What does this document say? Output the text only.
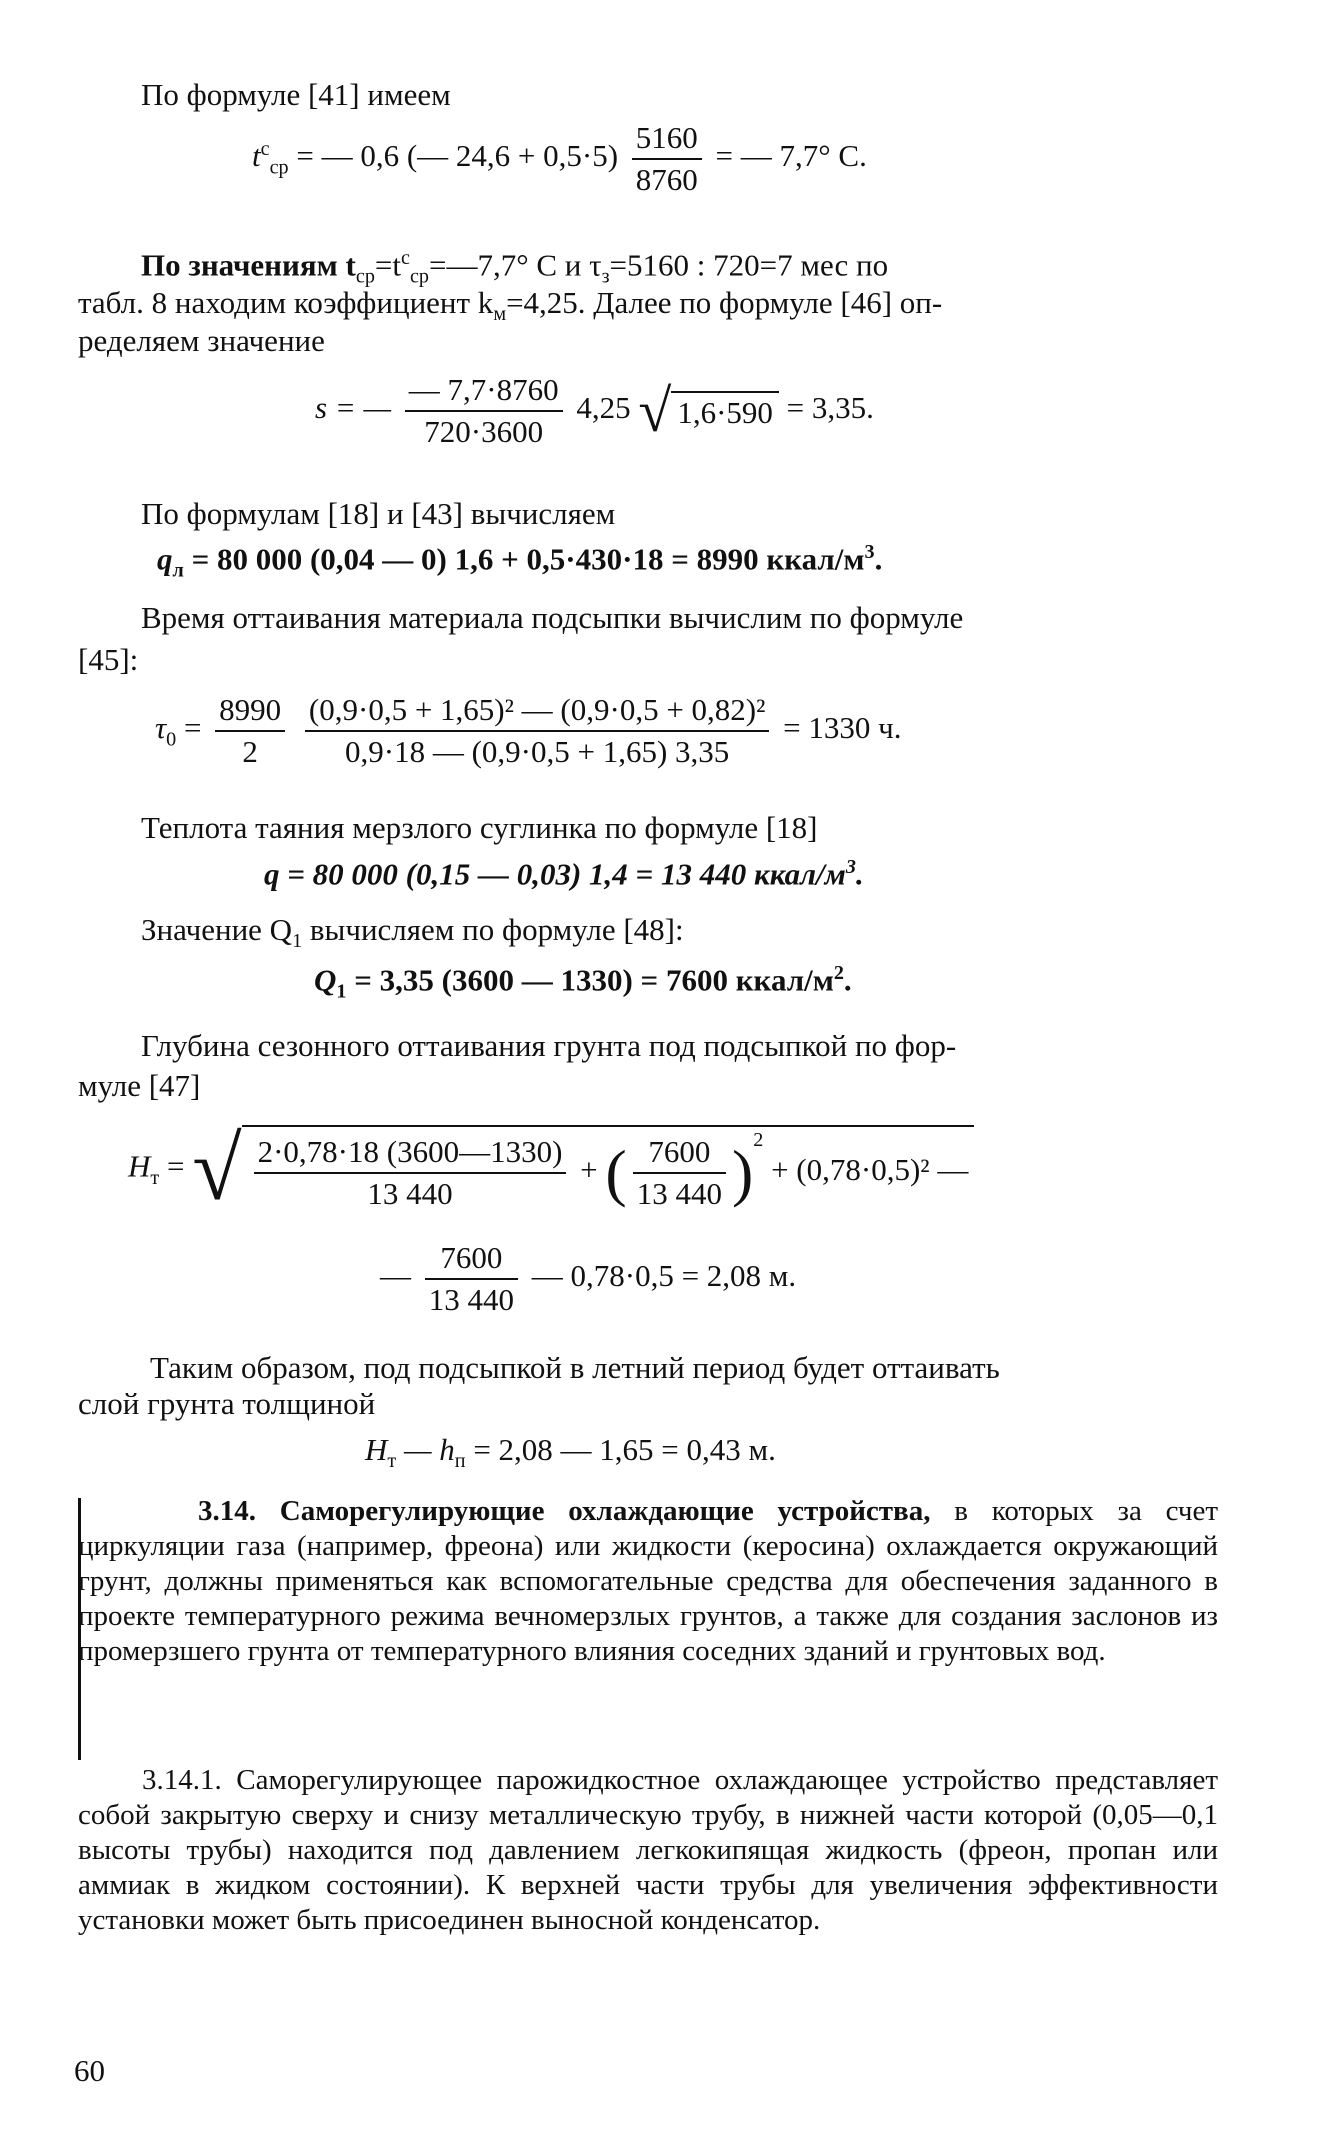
По формуле [41] имеем
$t^c_{ср}$ = — 0,6 (— $24,6 + 0,5\cdot 5) \frac{5160}{8760}$ = — 7,7° C.
По значениям $t_{ср}=t^c_{ср}=—7,7^\circ$ C и $\tau_з=5160$ : 720=7 мес по
табл. 8 находим коэффициент $k_м=4,25$. Далее по формуле [46] оп-
ределяем значение
s = — $\frac{— 7,7\cdot 8760}{720\cdot 3600} 4,25$ √ 1,6·590 = 3,35.
По формулам [18] и [43] вычисляем
$q_л = 80$ 000 (0,04 — 0) 1,6 + 0,5·430·18 = 8990 ккал/$м^3$.
Время оттаивания материала подсыпки вычислим по формуле
[45]:
$\tau_0 = \frac{8990}{2}$
$\frac{\text{(0,9·0,5 + 1,65)² — (0,9·0,5 + 0,82)²}}{0,9\cdot 18 — (0,9\cdot 0,5 + 1,65) 3,35} = 1330$ ч.
Теплота таяния мерзлого суглинка по формуле [18]
q = 80 000 (0,15 — 0,03) 1,4 = 13 440 ккал/$м^3$.
Значение $Q_1$ вычисляем по формуле [48]:
$Q_1 = 3,35$ (3600 — 1330) = 7600 ккал/$м^2$.
Глубина сезонного оттаивания грунта под подсыпкой по фор-
муле [47]
$H_т$ = √ $\frac{2\cdot 0,78\cdot 18 (3600—1330)}{13 440}$ + ( $\frac{7600}{13 440} )^2 + (0,78\cdot 0,5)^2$ —
— $\frac{7600}{13 440}$ — 0,78·0,5 = 2,08 м.
Таким образом, под подсыпкой в летний период будет оттаивать
слой грунта толщиной
$H_т$ — $h_п = 2,08$ — 1,65 = 0,43 м.
3.14. Саморегулирующие охлаждающие устройства, в которых за счет циркуляции газа (например, фреона) или жидкости (керосина) охлаждается окружающий грунт, должны применяться как вспомогательные средства для обеспечения заданного в проекте температурного режима вечномерзлых грунтов, а также для создания заслонов из промерзшего грунта от температурного влияния соседних зданий и грунтовых вод.
3.14.1. Саморегулирующее парожидкостное охлаждающее устройство представляет собой закрытую сверху и снизу металлическую трубу, в нижней части которой (0,05—0,1 высоты трубы) находится под давлением легкокипящая жидкость (фреон, пропан или аммиак в жидком состоянии). К верхней части трубы для увеличения эффективности установки может быть присоединен выносной конденсатор.
60
